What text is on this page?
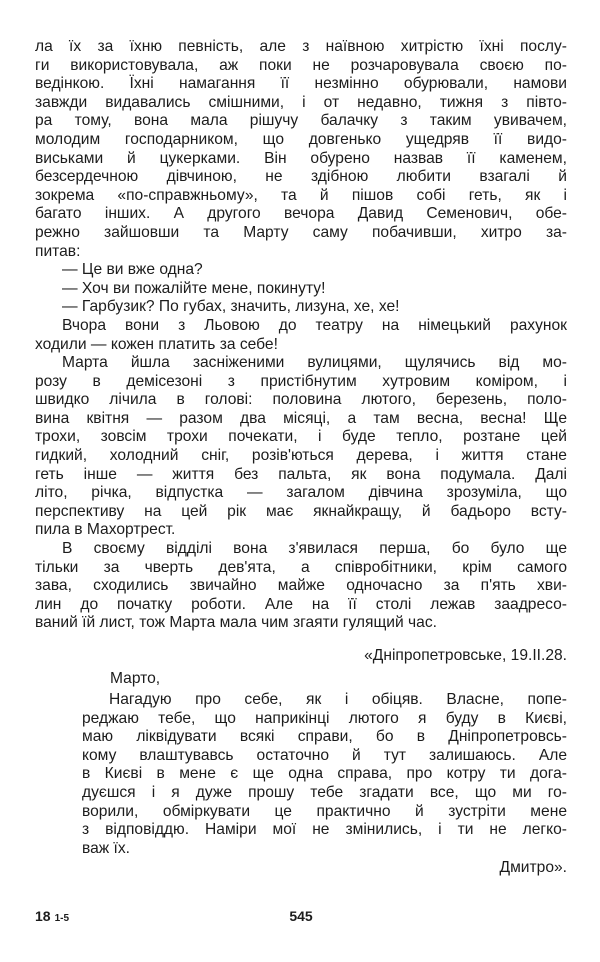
ла їх за їхню певність, але з наївною хитрістю їхні послу-
ги використовувала, аж поки не розчаровувала своєю по-
ведінкою. Їхні намагання її незмінно обурювали, намови
завжди видавались смішними, і от недавно, тижня з півто-
ра тому, вона мала рішучу балачку з таким увивачем,
молодим господарником, що довгенько ущедряв її видо-
виськами й цукерками. Він обурено назвав її каменем,
безсердечною дівчиною, не здібною любити взагалі й
зокрема «по-справжньому», та й пішов собі геть, як і
багато інших. А другого вечора Давид Семенович, обе-
режно зайшовши та Марту саму побачивши, хитро за-
питав:
— Це ви вже одна?
— Хоч ви пожалійте мене, покинуту!
— Гарбузик? По губах, значить, лизуна, хе, хе!
Вчора вони з Льовою до театру на німецький рахунок
ходили — кожен платить за себе!
Марта йшла засніженими вулицями, щулячись від мо-
розу в демісезоні з пристібнутим хутровим коміром, і
швидко лічила в голові: половина лютого, березень, поло-
вина квітня — разом два місяці, а там весна, весна! Ще
трохи, зовсім трохи почекати, і буде тепло, розтане цей
гидкий, холодний сніг, розів'ються дерева, і життя стане
геть інше — життя без пальта, як вона подумала. Далі
літо, річка, відпустка — загалом дівчина зрозуміла, що
перспективу на цей рік має якнайкращу, й бадьоро всту-
пила в Махортрест.
В своєму відділі вона з'явилася перша, бо було ще
тільки за чверть дев'ята, а співробітники, крім самого
зава, сходились звичайно майже одночасно за п'ять хви-
лин до початку роботи. Але на її столі лежав заадресо-
ваний їй лист, тож Марта мала чим згаяти гулящий час.
«Дніпропетровське, 19.II.28.
Марто,
Нагадую про себе, як і обіцяв. Власне, попе-
реджаю тебе, що наприкінці лютого я буду в Києві,
маю ліквідувати всякі справи, бо в Дніпропетровсь-
кому влаштувавсь остаточно й тут залишаюсь. Але
в Києві в мене є ще одна справа, про котру ти дога-
дуєшся і я дуже прошу тебе згадати все, що ми го-
ворили, обміркувати це практично й зустріти мене
з відповіддю. Наміри мої не змінились, і ти не легко-
важ їх.
Дмитро».
18 1-5	545
